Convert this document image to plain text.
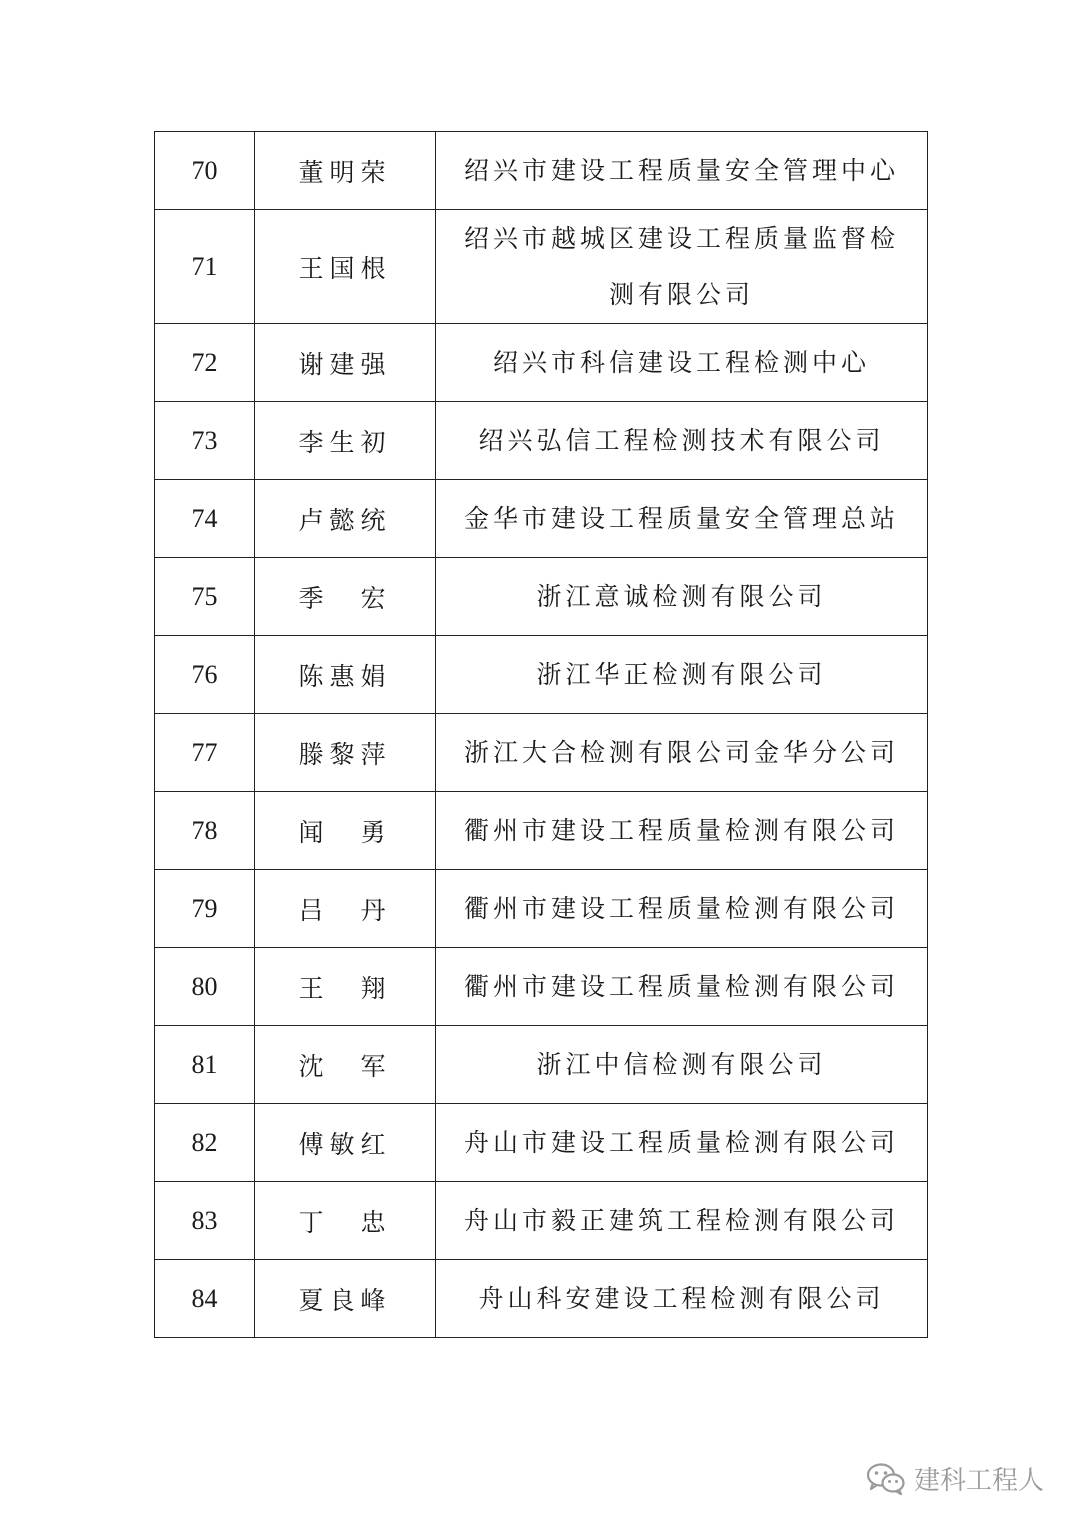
70	董明荣	绍兴市建设工程质量安全管理中心
71	王国根	绍兴市越城区建设工程质量监督检测有限公司
72	谢建强	绍兴市科信建设工程检测中心
73	李生初	绍兴弘信工程检测技术有限公司
74	卢懿统	金华市建设工程质量安全管理总站
75	季　宏	浙江意诚检测有限公司
76	陈惠娟	浙江华正检测有限公司
77	滕黎萍	浙江大合检测有限公司金华分公司
78	闻　勇	衢州市建设工程质量检测有限公司
79	吕　丹	衢州市建设工程质量检测有限公司
80	王　翔	衢州市建设工程质量检测有限公司
81	沈　军	浙江中信检测有限公司
82	傅敏红	舟山市建设工程质量检测有限公司
83	丁　忠	舟山市毅正建筑工程检测有限公司
84	夏良峰	舟山科安建设工程检测有限公司
建科工程人
